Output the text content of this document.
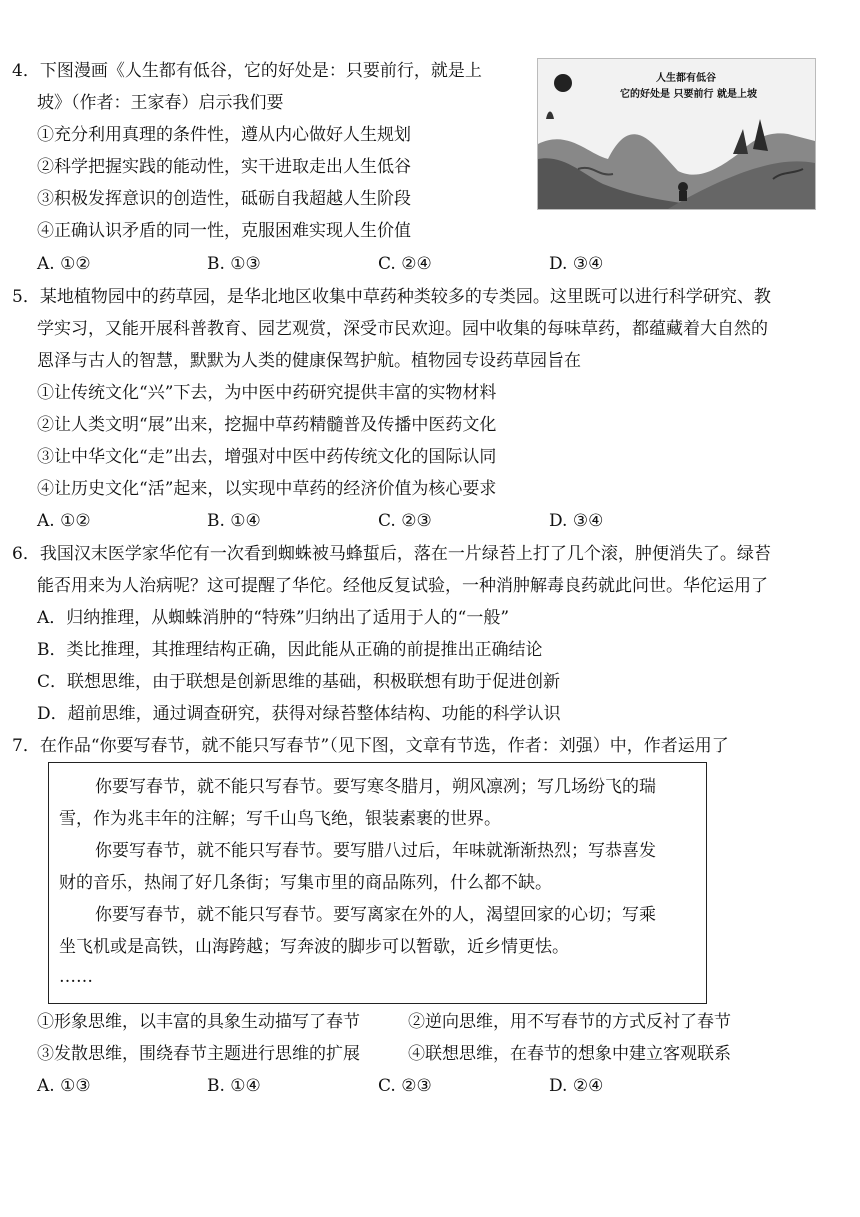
4．下图漫画《人生都有低谷，它的好处是：只要前行，就是上
坡》（作者：王家春）启示我们要
①充分利用真理的条件性，遵从内心做好人生规划
②科学把握实践的能动性，实干进取走出人生低谷
③积极发挥意识的创造性，砥砺自我超越人生阶段
④正确认识矛盾的同一性，克服困难实现人生价值
A. ①②	B. ①③	C. ②④	D. ③④
人生都有低谷
它的好处是 只要前行 就是上坡
5．某地植物园中的药草园，是华北地区收集中草药种类较多的专类园。这里既可以进行科学研究、教
学实习，又能开展科普教育、园艺观赏，深受市民欢迎。园中收集的每味草药，都蕴藏着大自然的
恩泽与古人的智慧，默默为人类的健康保驾护航。植物园专设药草园旨在
①让传统文化“兴”下去，为中医中药研究提供丰富的实物材料
②让人类文明“展”出来，挖掘中草药精髓普及传播中医药文化
③让中华文化“走”出去，增强对中医中药传统文化的国际认同
④让历史文化“活”起来，以实现中草药的经济价值为核心要求
A. ①②	B. ①④	C. ②③	D. ③④
6．我国汉末医学家华佗有一次看到蜘蛛被马蜂蜇后，落在一片绿苔上打了几个滚，肿便消失了。绿苔
能否用来为人治病呢？这可提醒了华佗。经他反复试验，一种消肿解毒良药就此问世。华佗运用了
A．归纳推理，从蜘蛛消肿的“特殊”归纳出了适用于人的“一般”
B．类比推理，其推理结构正确，因此能从正确的前提推出正确结论
C．联想思维，由于联想是创新思维的基础，积极联想有助于促进创新
D．超前思维，通过调查研究，获得对绿苔整体结构、功能的科学认识
7．在作品“你要写春节，就不能只写春节”（见下图，文章有节选，作者：刘强）中，作者运用了
你要写春节，就不能只写春节。要写寒冬腊月，朔风凛冽；写几场纷飞的瑞
雪，作为兆丰年的注解；写千山鸟飞绝，银装素裹的世界。
你要写春节，就不能只写春节。要写腊八过后，年味就渐渐热烈；写恭喜发
财的音乐，热闹了好几条街；写集市里的商品陈列，什么都不缺。
你要写春节，就不能只写春节。要写离家在外的人，渴望回家的心切；写乘
坐飞机或是高铁，山海跨越；写奔波的脚步可以暂歇，近乡情更怯。
……
①形象思维，以丰富的具象生动描写了春节	②逆向思维，用不写春节的方式反衬了春节
③发散思维，围绕春节主题进行思维的扩展	④联想思维，在春节的想象中建立客观联系
A. ①③	B. ①④	C. ②③	D. ②④
